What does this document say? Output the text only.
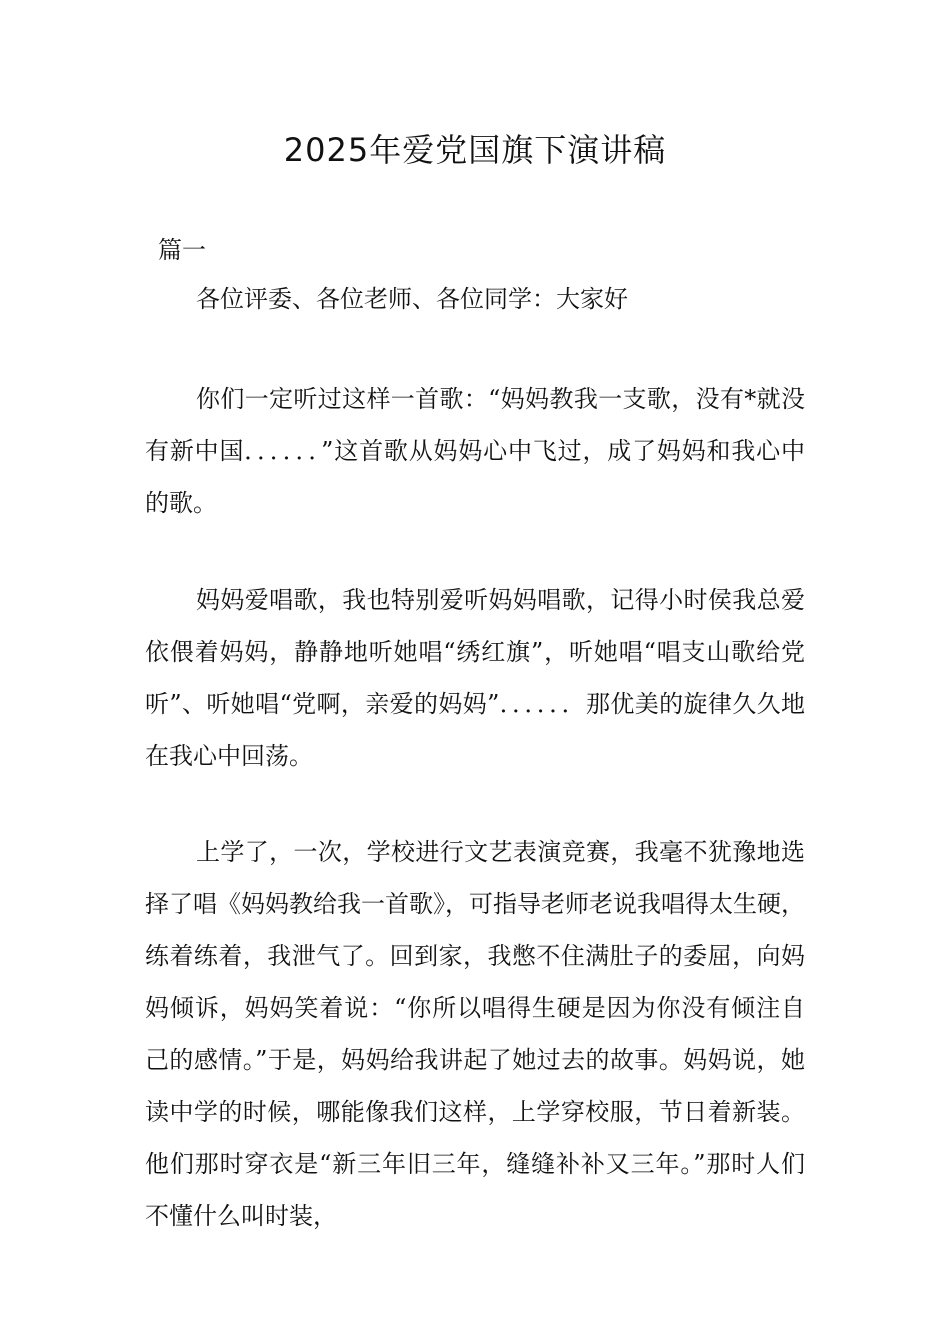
2025年爱党国旗下演讲稿
篇一
各位评委、各位老师、各位同学：大家好

你们一定听过这样一首歌：“妈妈教我一支歌，没有*就没有新中国．．．．．．”这首歌从妈妈心中飞过，成了妈妈和我心中的歌。

妈妈爱唱歌，我也特别爱听妈妈唱歌，记得小时侯我总爱依偎着妈妈，静静地听她唱“绣红旗”，听她唱“唱支山歌给党听”、听她唱“党啊，亲爱的妈妈”．．．．．．那优美的旋律久久地在我心中回荡。

上学了，一次，学校进行文艺表演竞赛，我毫不犹豫地选择了唱《妈妈教给我一首歌》，可指导老师老说我唱得太生硬，练着练着，我泄气了。回到家，我憋不住满肚子的委屈，向妈妈倾诉，妈妈笑着说：“你所以唱得生硬是因为你没有倾注自己的感情。”于是，妈妈给我讲起了她过去的故事。妈妈说，她读中学的时候，哪能像我们这样，上学穿校服，节日着新装。他们那时穿衣是“新三年旧三年，缝缝补补又三年。”那时人们不懂什么叫时装，
